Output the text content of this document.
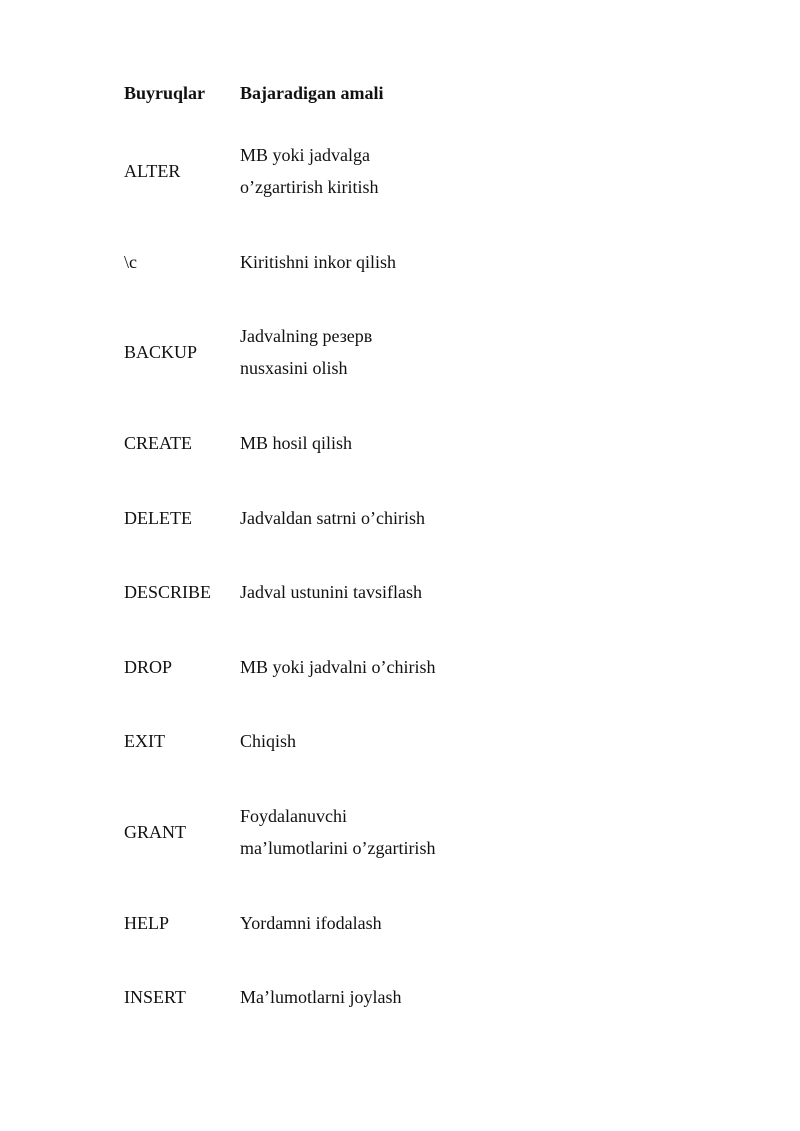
Buyruqlar	Bajaradigan amali
ALTER	MB yoki jadvalga
o’zgartirish kiritish

\c	Kiritishni inkor qilish

BACKUP	Jadvalning резерв
nusxasini olish

CREATE	MB hosil qilish

DELETE	Jadvaldan satrni o’chirish

DESCRIBE	Jadval ustunini tavsiflash

DROP	MB yoki jadvalni o’chirish

EXIT	Chiqish

GRANT	Foydalanuvchi
ma’lumotlarini o’zgartirish

HELP	Yordamni ifodalash

INSERT	Ma’lumotlarni joylash
